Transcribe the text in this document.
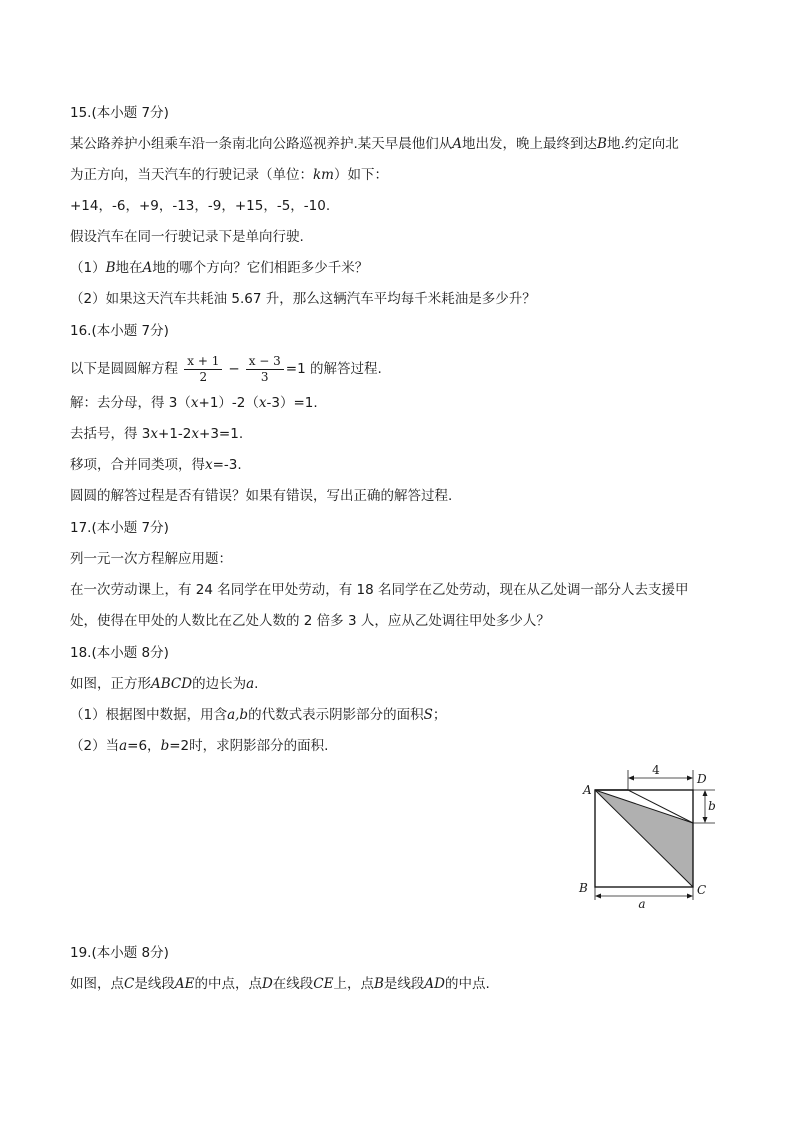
15.(本小题 7分)
某公路养护小组乘车沿一条南北向公路巡视养护.某天早晨他们从A地出发，晚上最终到达B地.约定向北
为正方向，当天汽车的行驶记录（单位：km）如下：
+14，-6，+9，-13，-9，+15，-5，-10.
假设汽车在同一行驶记录下是单向行驶.
（1）B地在A地的哪个方向？它们相距多少千米？
（2）如果这天汽车共耗油 5.67 升，那么这辆汽车平均每千米耗油是多少升？
16.(本小题 7分)
以下是圆圆解方程 $\frac{x + 1}{2} - \frac{x - 3}{3} =1$ 的解答过程.
解：去分母，得 3（x+1）-2（x-3）=1.
去括号，得 3x+1-2x+3=1.
移项，合并同类项，得x=-3.
圆圆的解答过程是否有错误？如果有错误，写出正确的解答过程.
17.(本小题 7分)
列一元一次方程解应用题：
在一次劳动课上，有 24 名同学在甲处劳动，有 18 名同学在乙处劳动，现在从乙处调一部分人去支援甲
处，使得在甲处的人数比在乙处人数的 2 倍多 3 人，应从乙处调往甲处多少人？
18.(本小题 8分)
如图，正方形ABCD的边长为a.
（1）根据图中数据，用含a,b的代数式表示阴影部分的面积S；
（2）当a=6，b=2时，求阴影部分的面积.
4
b
a
A
B	C
D
19.(本小题 8分)
如图，点C是线段AE的中点，点D在线段CE上，点B是线段AD的中点.
